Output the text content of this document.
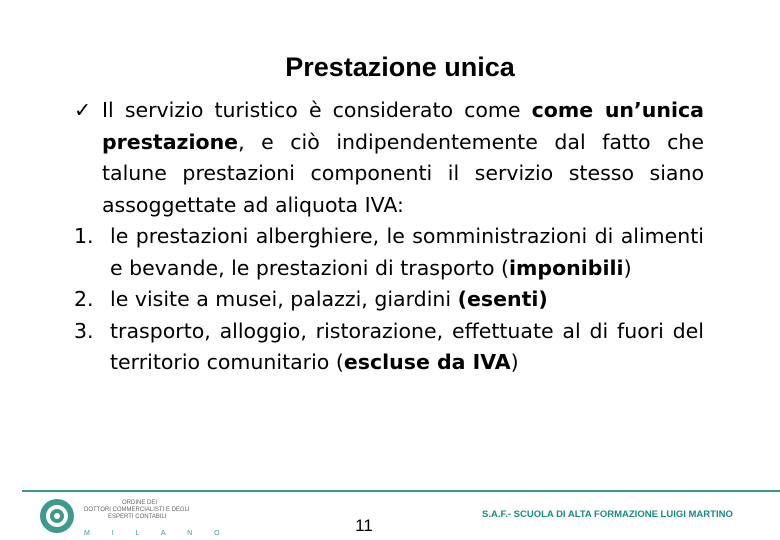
Prestazione unica
✓ Il servizio turistico è considerato come come un’unica prestazione, e ciò indipendentemente dal fatto che talune prestazioni componenti il servizio stesso siano assoggettate ad aliquota IVA:
1. le prestazioni alberghiere, le somministrazioni di alimenti e bevande, le prestazioni di trasporto (imponibili)
2. le visite a musei, palazzi, giardini (esenti)
3. trasporto, alloggio, ristorazione, effettuate al di fuori del territorio comunitario (escluse da IVA)
ORDINE DEI
DOTTORI COMMERCIALISTI E DEGLI
ESPERTI CONTABILI
M I L A N O	11
S.A.F.- SCUOLA DI ALTA FORMAZIONE LUIGI MARTINO
